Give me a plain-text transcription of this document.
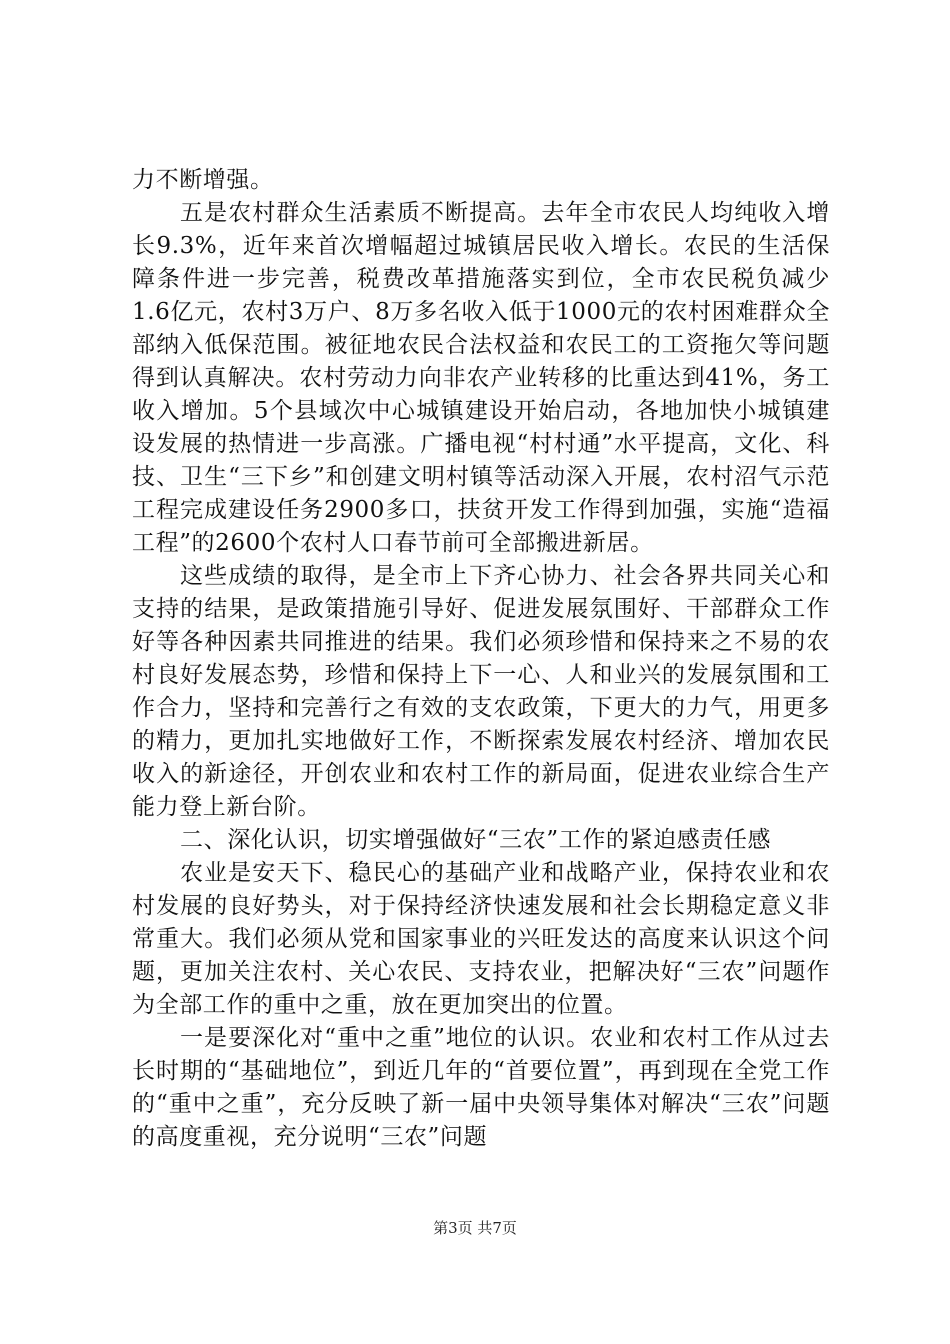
力不断增强。

五是农村群众生活素质不断提高。去年全市农民人均纯收入增长9.3%，近年来首次增幅超过城镇居民收入增长。农民的生活保障条件进一步完善，税费改革措施落实到位，全市农民税负减少1.6亿元，农村3万户、8万多名收入低于1000元的农村困难群众全部纳入低保范围。被征地农民合法权益和农民工的工资拖欠等问题得到认真解决。农村劳动力向非农产业转移的比重达到41%，务工收入增加。5个县域次中心城镇建设开始启动，各地加快小城镇建设发展的热情进一步高涨。广播电视“村村通”水平提高，文化、科技、卫生“三下乡”和创建文明村镇等活动深入开展，农村沼气示范工程完成建设任务2900多口，扶贫开发工作得到加强，实施“造福工程”的2600个农村人口春节前可全部搬进新居。

这些成绩的取得，是全市上下齐心协力、社会各界共同关心和支持的结果，是政策措施引导好、促进发展氛围好、干部群众工作好等各种因素共同推进的结果。我们必须珍惜和保持来之不易的农村良好发展态势，珍惜和保持上下一心、人和业兴的发展氛围和工作合力，坚持和完善行之有效的支农政策，下更大的力气，用更多的精力，更加扎实地做好工作，不断探索发展农村经济、增加农民收入的新途径，开创农业和农村工作的新局面，促进农业综合生产能力登上新台阶。

二、深化认识，切实增强做好“三农”工作的紧迫感责任感

农业是安天下、稳民心的基础产业和战略产业，保持农业和农村发展的良好势头，对于保持经济快速发展和社会长期稳定意义非常重大。我们必须从党和国家事业的兴旺发达的高度来认识这个问题，更加关注农村、关心农民、支持农业，把解决好“三农”问题作为全部工作的重中之重，放在更加突出的位置。

一是要深化对“重中之重”地位的认识。农业和农村工作从过去长时期的“基础地位”，到近几年的“首要位置”，再到现在全党工作的“重中之重”，充分反映了新一届中央领导集体对解决“三农”问题的高度重视，充分说明“三农”问题

第3页 共7页
